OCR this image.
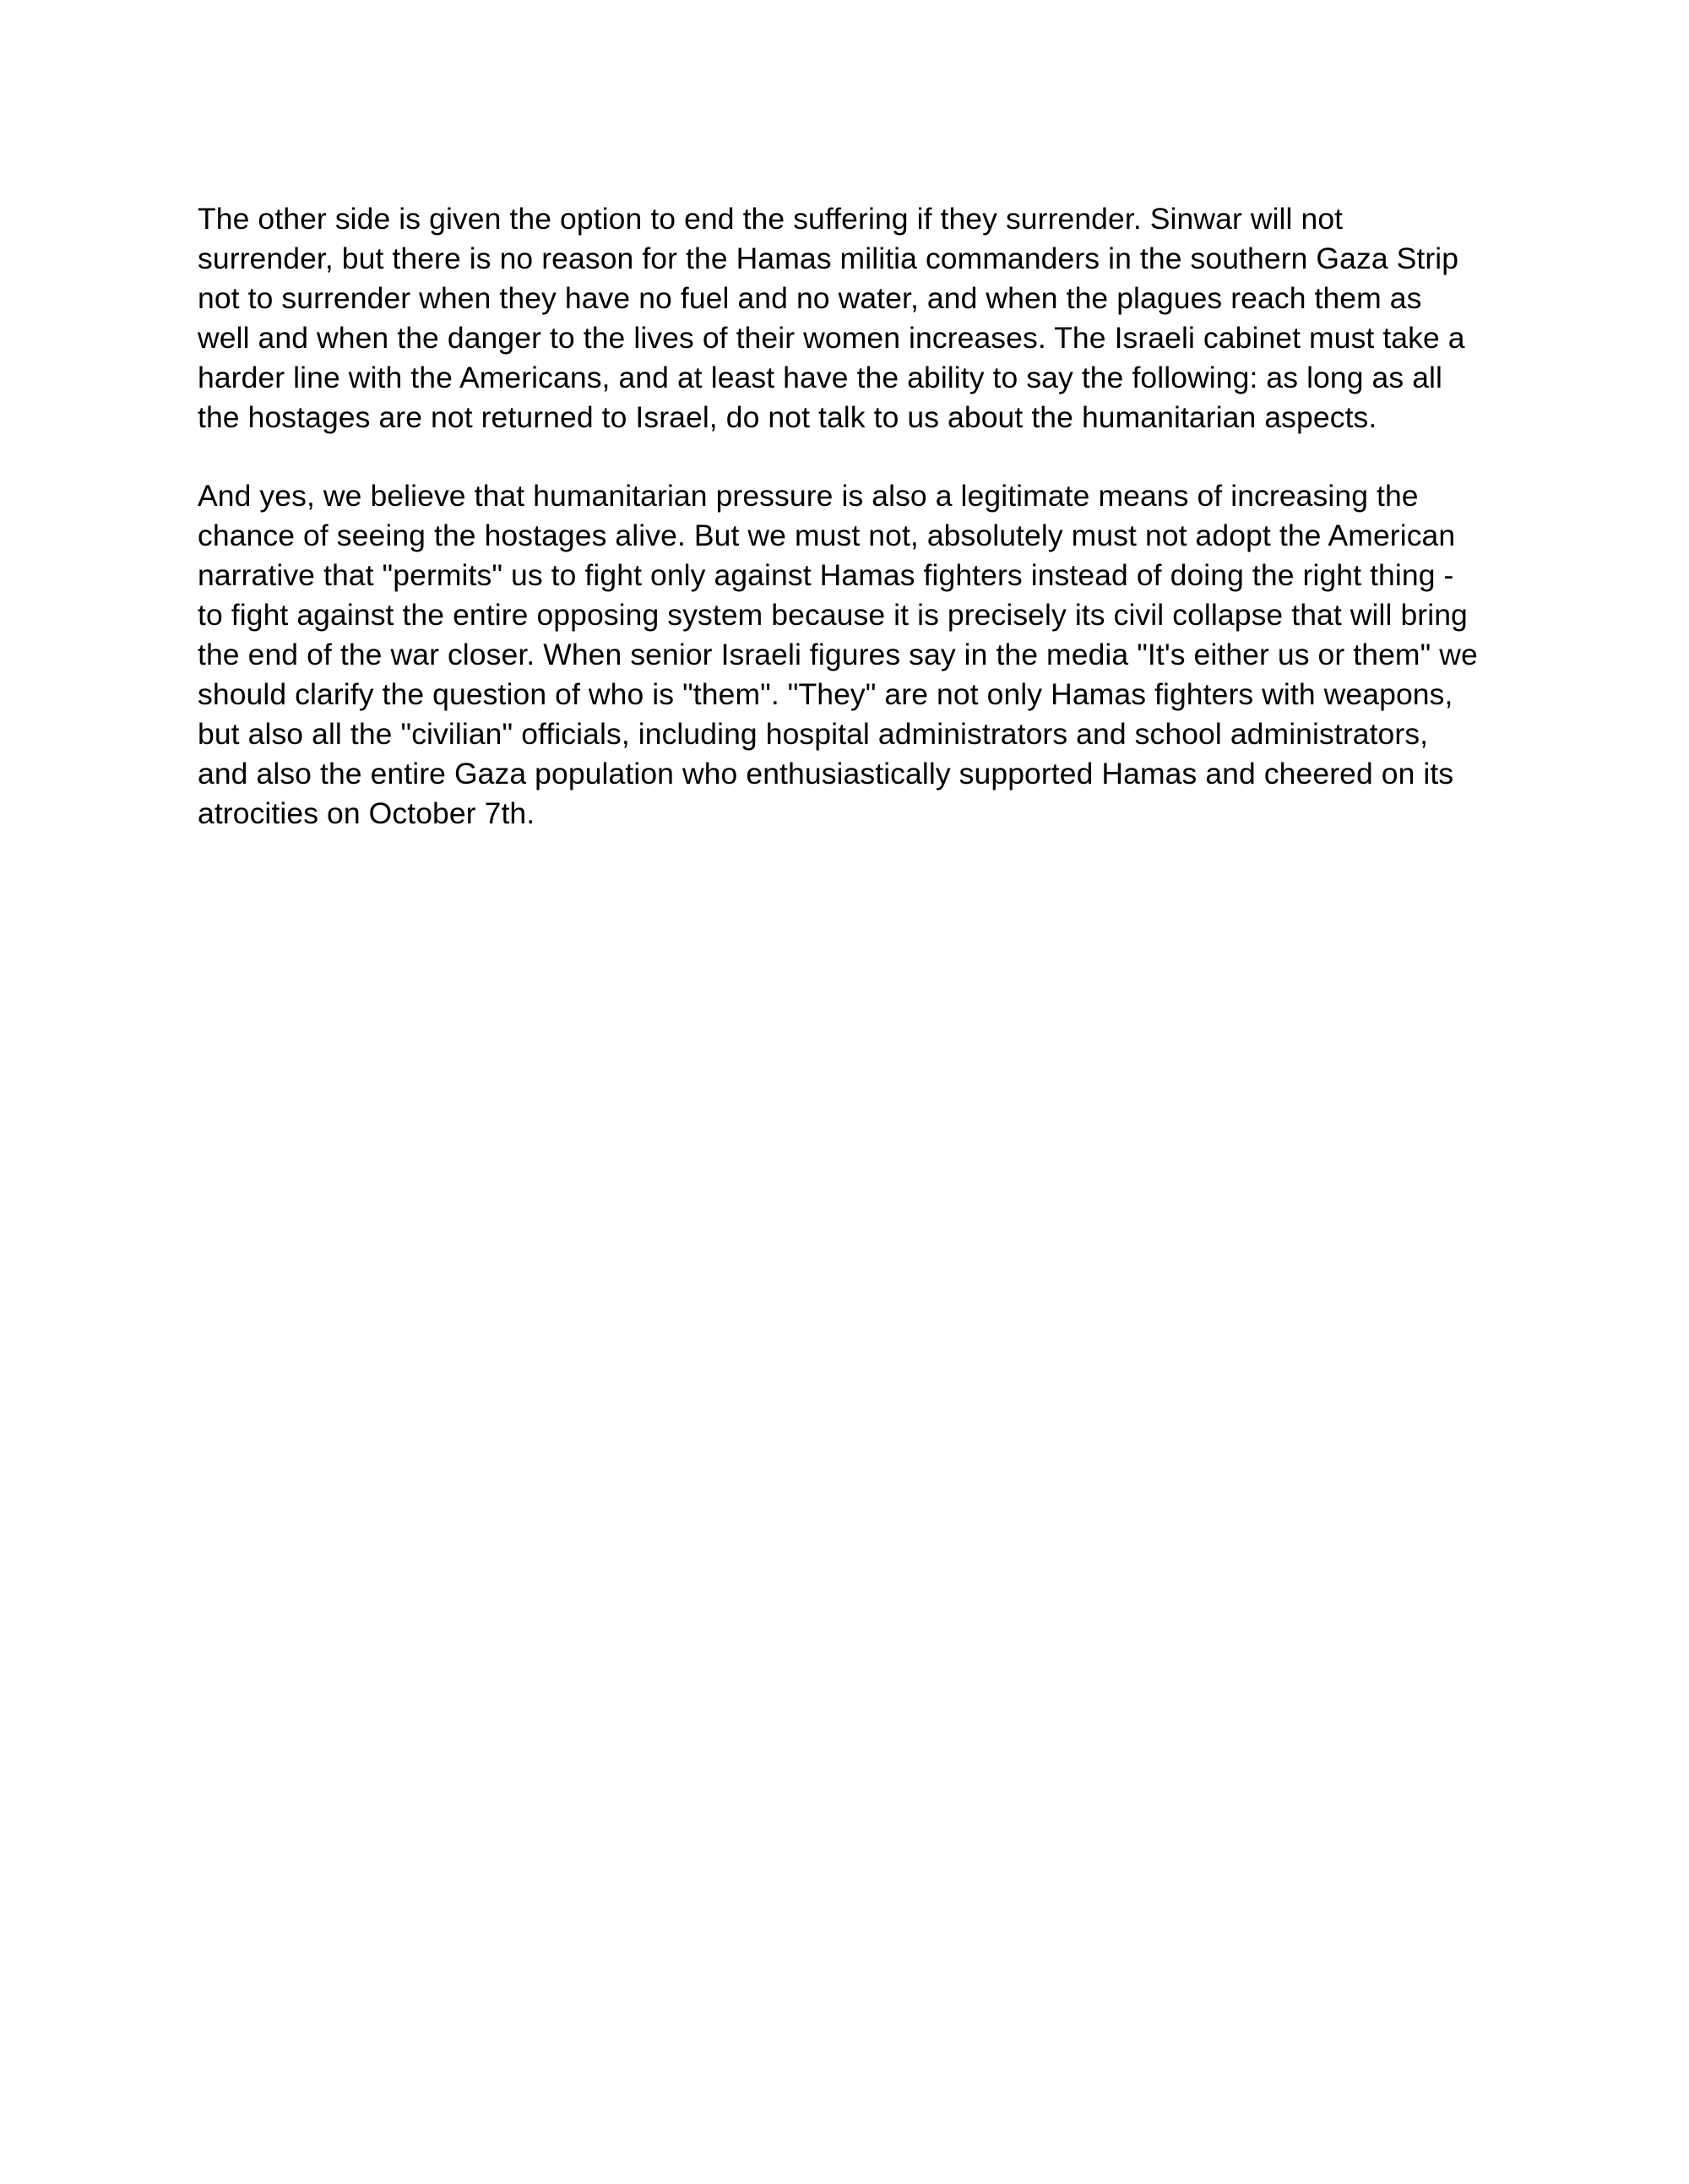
The other side is given the option to end the suffering if they surrender. Sinwar will not
surrender, but there is no reason for the Hamas militia commanders in the southern Gaza Strip
not to surrender when they have no fuel and no water, and when the plagues reach them as
well and when the danger to the lives of their women increases. The Israeli cabinet must take a
harder line with the Americans, and at least have the ability to say the following: as long as all
the hostages are not returned to Israel, do not talk to us about the humanitarian aspects.
And yes, we believe that humanitarian pressure is also a legitimate means of increasing the
chance of seeing the hostages alive. But we must not, absolutely must not adopt the American
narrative that "permits" us to fight only against Hamas fighters instead of doing the right thing -
to fight against the entire opposing system because it is precisely its civil collapse that will bring
the end of the war closer. When senior Israeli figures say in the media "It's either us or them" we
should clarify the question of who is "them". "They" are not only Hamas fighters with weapons,
but also all the "civilian" officials, including hospital administrators and school administrators,
and also the entire Gaza population who enthusiastically supported Hamas and cheered on its
atrocities on October 7th.
